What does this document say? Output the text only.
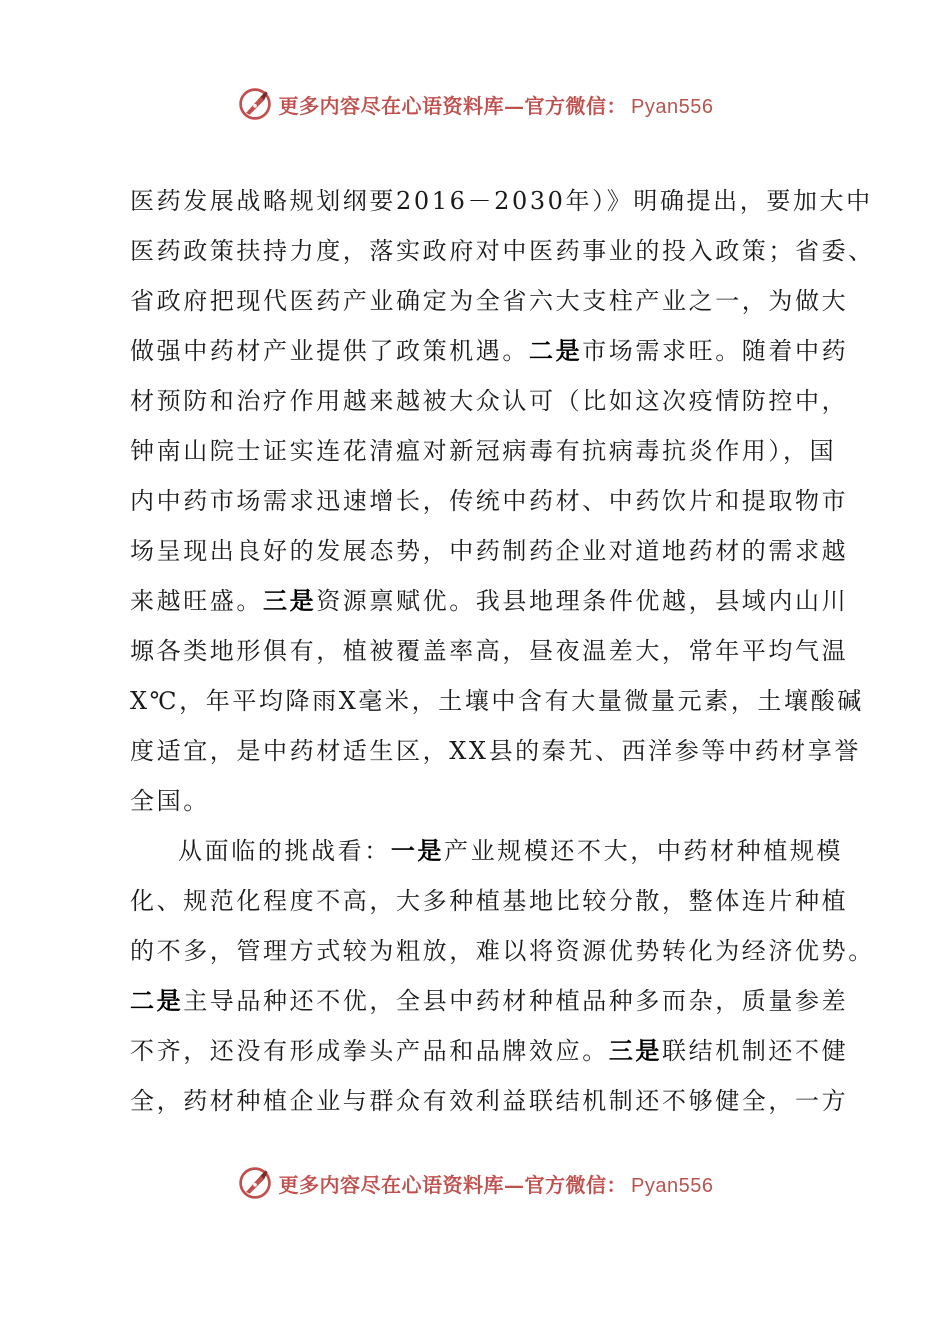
更多内容尽在心语资料库—官方微信： Pyan556
医药发展战略规划纲要2016－2030年）》明确提出，要加大中
医药政策扶持力度，落实政府对中医药事业的投入政策；省委、
省政府把现代医药产业确定为全省六大支柱产业之一，为做大
做强中药材产业提供了政策机遇。二是市场需求旺。随着中药
材预防和治疗作用越来越被大众认可（比如这次疫情防控中，
钟南山院士证实连花清瘟对新冠病毒有抗病毒抗炎作用），国
内中药市场需求迅速增长，传统中药材、中药饮片和提取物市
场呈现出良好的发展态势，中药制药企业对道地药材的需求越
来越旺盛。三是资源禀赋优。我县地理条件优越，县域内山川
塬各类地形俱有，植被覆盖率高，昼夜温差大，常年平均气温
X℃，年平均降雨X毫米，土壤中含有大量微量元素，土壤酸碱
度适宜，是中药材适生区，XX县的秦艽、西洋参等中药材享誉
全国。
从面临的挑战看：一是产业规模还不大，中药材种植规模
化、规范化程度不高，大多种植基地比较分散，整体连片种植
的不多，管理方式较为粗放，难以将资源优势转化为经济优势。
二是主导品种还不优，全县中药材种植品种多而杂，质量参差
不齐，还没有形成拳头产品和品牌效应。三是联结机制还不健
全，药材种植企业与群众有效利益联结机制还不够健全，一方
更多内容尽在心语资料库—官方微信： Pyan556
